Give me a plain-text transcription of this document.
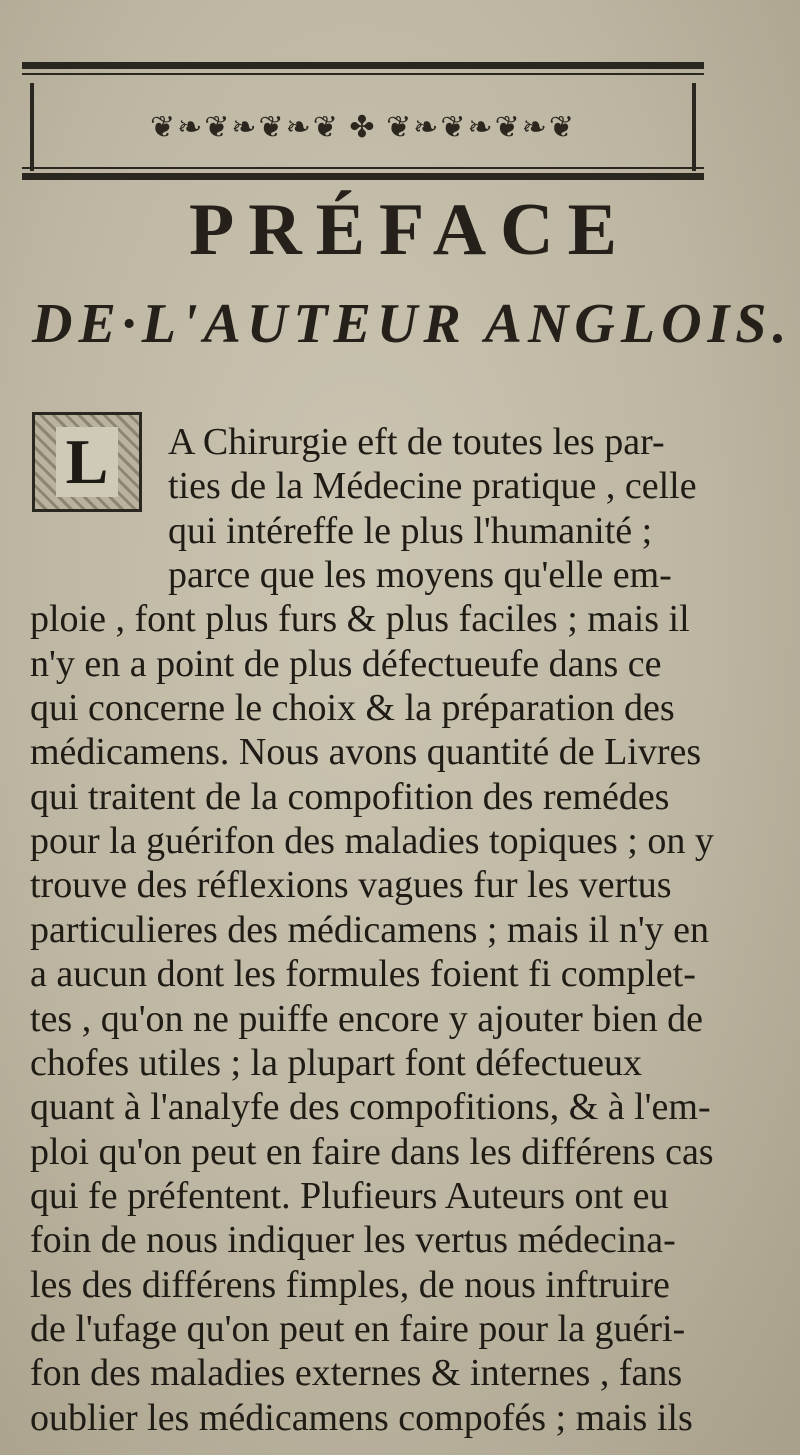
❦❧❦❧❦❧❦ ✤ ❦❧❦❧❦❧❦
PRÉFACE
DE·L'AUTEUR ANGLOIS.
L A Chirurgie eft de toutes les par-
ties de la Médecine pratique , celle
qui intéreffe le plus l'humanité ;
parce que les moyens qu'elle em-
ploie , font plus furs & plus faciles ; mais il
n'y en a point de plus défectueufe dans ce
qui concerne le choix & la préparation des
médicamens. Nous avons quantité de Livres
qui traitent de la compofition des remédes
pour la guérifon des maladies topiques ; on y
trouve des réflexions vagues fur les vertus
particulieres des médicamens ; mais il n'y en
a aucun dont les formules foient fi complet-
tes , qu'on ne puiffe encore y ajouter bien de
chofes utiles ; la plupart font défectueux
quant à l'analyfe des compofitions, & à l'em-
ploi qu'on peut en faire dans les différens cas
qui fe préfentent. Plufieurs Auteurs ont eu
foin de nous indiquer les vertus médecina-
les des différens fimples, de nous inftruire
de l'ufage qu'on peut en faire pour la guéri-
fon des maladies externes & internes , fans
oublier les médicamens compofés ; mais ils
